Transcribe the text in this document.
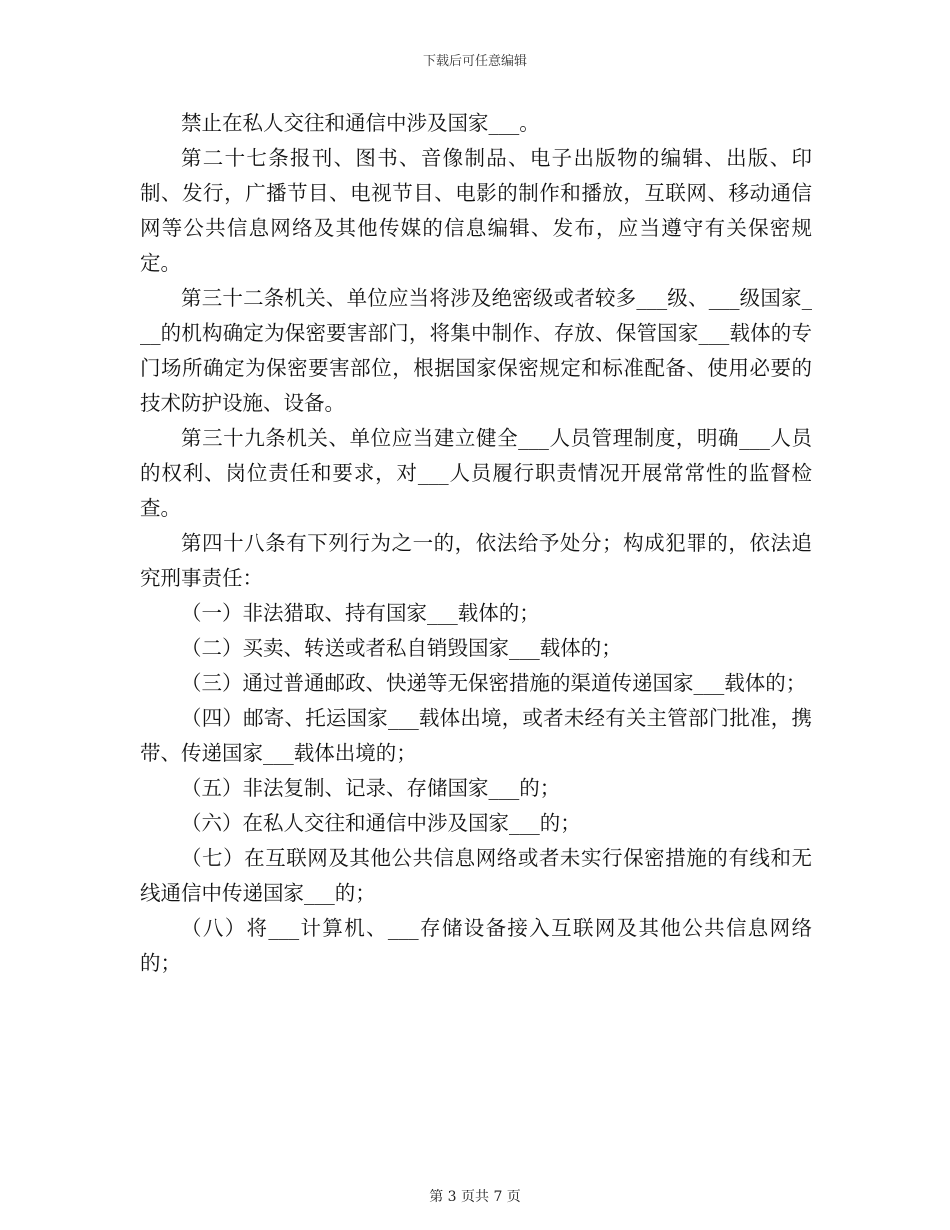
下载后可任意编辑

禁止在私人交往和通信中涉及国家___。

第二十七条报刊、图书、音像制品、电子出版物的编辑、出版、印制、发行，广播节目、电视节目、电影的制作和播放，互联网、移动通信网等公共信息网络及其他传媒的信息编辑、发布，应当遵守有关保密规定。

第三十二条机关、单位应当将涉及绝密级或者较多___级、___级国家___的机构确定为保密要害部门，将集中制作、存放、保管国家___载体的专门场所确定为保密要害部位，根据国家保密规定和标准配备、使用必要的技术防护设施、设备。

第三十九条机关、单位应当建立健全___人员管理制度，明确___人员的权利、岗位责任和要求，对___人员履行职责情况开展常常性的监督检查。

第四十八条有下列行为之一的，依法给予处分；构成犯罪的，依法追究刑事责任：

（一）非法猎取、持有国家___载体的；

（二）买卖、转送或者私自销毁国家___载体的；

（三）通过普通邮政、快递等无保密措施的渠道传递国家___载体的；

（四）邮寄、托运国家___载体出境，或者未经有关主管部门批准，携带、传递国家___载体出境的；

（五）非法复制、记录、存储国家___的；

（六）在私人交往和通信中涉及国家___的；

（七）在互联网及其他公共信息网络或者未实行保密措施的有线和无线通信中传递国家___的；

（八）将___计算机、___存储设备接入互联网及其他公共信息网络的；

第 3 页共 7 页
